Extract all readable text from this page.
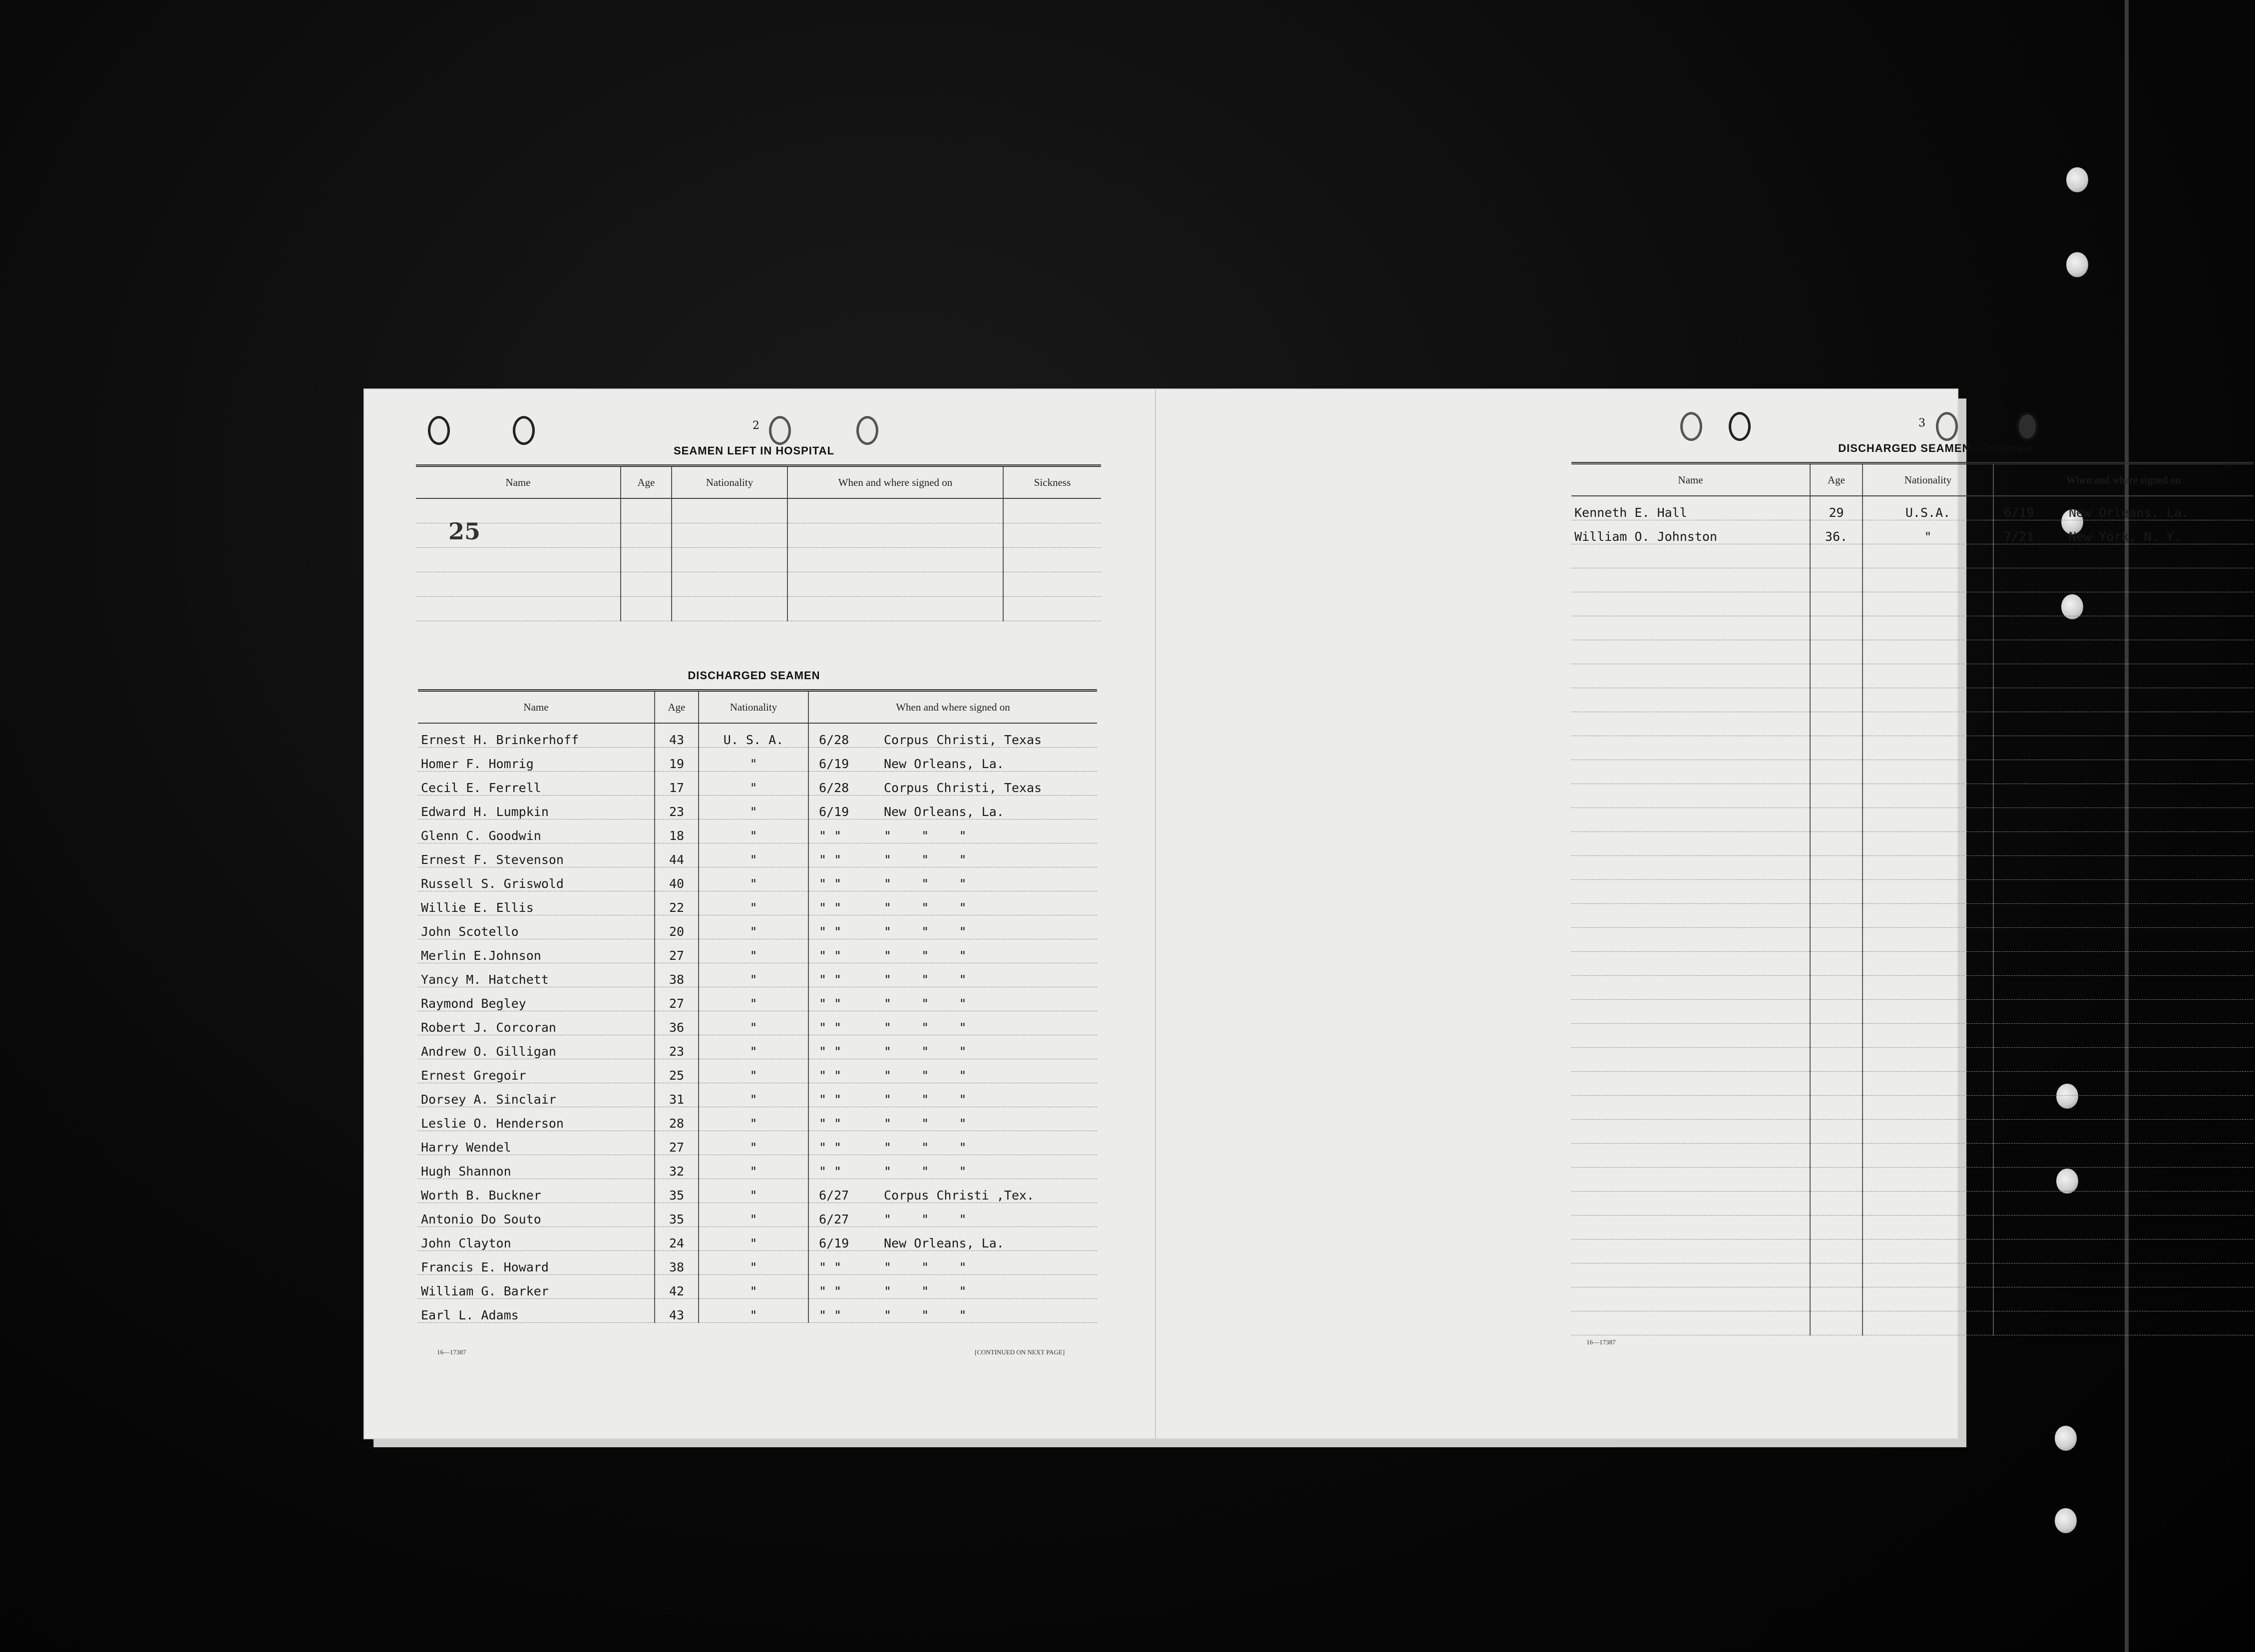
2
SEAMEN LEFT IN HOSPITAL
Name	Age	Nationality	When and where signed on	Sickness

25
DISCHARGED SEAMEN
Name	Age	Nationality	When and where signed on
Ernest H. Brinkerhoff	43	U. S. A.	6/28 Corpus Christi, Texas
Homer F. Homrig	19	"	6/19 New Orleans, La.
Cecil E. Ferrell	17	"	6/28 Corpus Christi, Texas
Edward H. Lumpkin	23	"	6/19 New Orleans, La.
Glenn C. Goodwin	18	"	" " "    "    "
Ernest F. Stevenson	44	"	" " "    "    "
Russell S. Griswold	40	"	" " "    "    "
Willie E. Ellis	22	"	" " "    "    "
John Scotello	20	"	" " "    "    "
Merlin E.Johnson	27	"	" " "    "    "
Yancy M. Hatchett	38	"	" " "    "    "
Raymond Begley	27	"	" " "    "    "
Robert J. Corcoran	36	"	" " "    "    "
Andrew O. Gilligan	23	"	" " "    "    "
Ernest Gregoir	25	"	" " "    "    "
Dorsey A. Sinclair	31	"	" " "    "    "
Leslie O. Henderson	28	"	" " "    "    "
Harry Wendel	27	"	" " "    "    "
Hugh Shannon	32	"	" " "    "    "
Worth B. Buckner	35	"	6/27 Corpus Christi ,Tex.
Antonio Do Souto	35	"	6/27 "    "    "
John Clayton	24	"	6/19 New Orleans, La.
Francis E. Howard	38	"	" " "    "    "
William G. Barker	42	"	" " "    "    "
Earl L. Adams	43	"	" " "    "    "
16—17387	[CONTINUED ON NEXT PAGE]
3
DISCHARGED SEAMEN—Continued
Name	Age	Nationality	When and where signed on
Kenneth E. Hall	29	U.S.A.	6/19 New Orleans, La.
William O. Johnston	36.	"	7/21 New York, N. Y.

16—17387
